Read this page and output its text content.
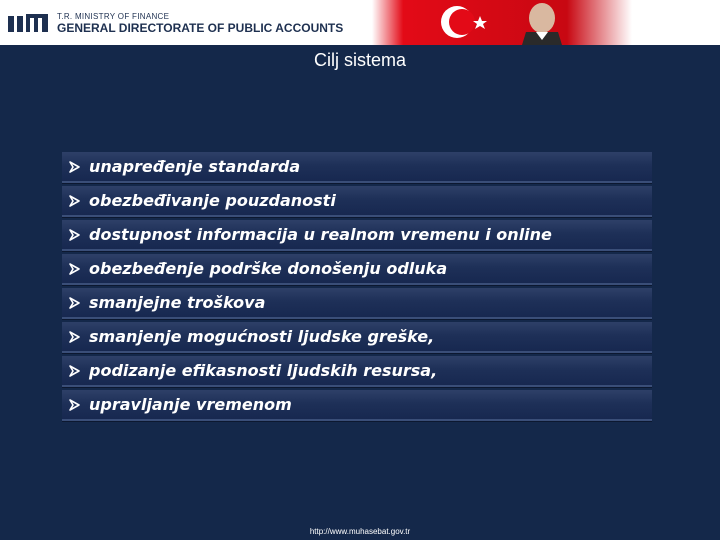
T.R. MINISTRY OF FINANCE
GENERAL DIRECTORATE OF PUBLIC ACCOUNTS
Cilj sistema
unapređenje standarda
obezbeđivanje pouzdanosti
dostupnost informacija u realnom vremenu i online
obezbeđenje podrške donošenju odluka
smanjejne troškova
smanjenje mogućnosti ljudske greške,
podizanje efikasnosti ljudskih resursa,
upravljanje vremenom
http://www.muhasebat.gov.tr
